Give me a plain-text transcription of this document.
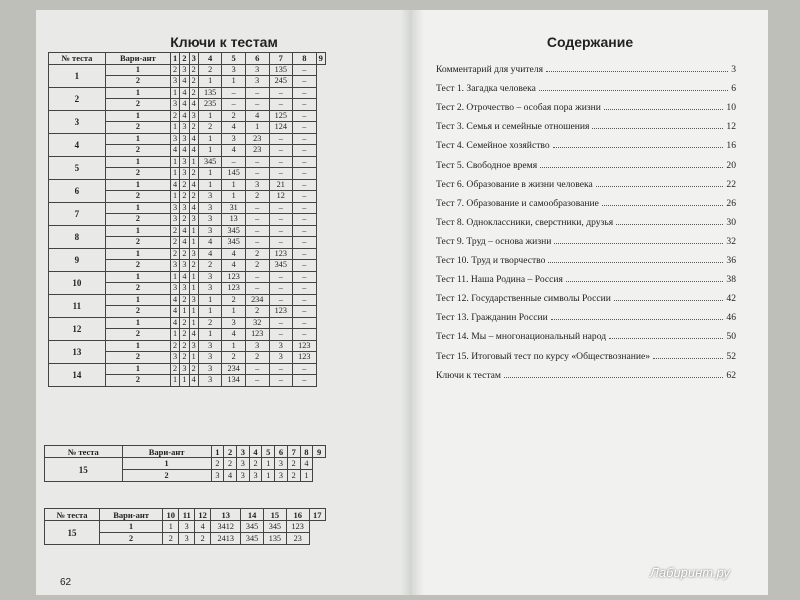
Ключи к тестам
62
Содержание
Комментарий для учителя	3
Тест 1. Загадка человека	6
Тест 2. Отрочество – особая пора жизни	10
Тест 3. Семья и семейные отношения	12
Тест 4. Семейное хозяйство	16
Тест 5. Свободное время	20
Тест 6. Образование в жизни человека	22
Тест 7. Образование и самообразование	26
Тест 8. Одноклассники, сверстники, друзья	30
Тест 9. Труд – основа жизни	32
Тест 10. Труд и творчество	36
Тест 11. Наша Родина – Россия	38
Тест 12. Государственные символы России	42
Тест 13. Гражданин России	46
Тест 14. Мы – многонациональный народ	50
Тест 15. Итоговый тест по курсу «Обществознание»	52
Ключи к тестам	62
№ теста	Вари-ант	1	2	3	4	5	6	7	8	9
1	1	2	3	2	2	3	3	135	–	
	2	3	4	2	1	1	3	245	–	
2	1	1	4	2	135	–	–	–	–	
	2	3	4	4	235	–	–	–	–	
3	1	2	4	3	1	2	4	125	–	
	2	1	3	2	2	4	1	124	–	
4	1	3	3	4	1	3	23	–	–	
	2	4	4	4	1	4	23	–	–	
5	1	1	3	1	345	–	–	–	–	
	2	1	3	2	1	145	–	–	–	
6	1	4	2	4	1	1	3	21	–	
	2	1	2	2	3	1	2	12	–	
7	1	3	3	4	3	31	–	–	–	
	2	3	2	3	3	13	–	–	–	
8	1	2	4	1	3	345	–	–	–	
	2	2	4	1	4	345	–	–	–	
9	1	2	2	3	4	4	2	123	–	
	2	3	3	2	2	4	2	345	–	
10	1	1	4	1	3	123	–	–	–	
	2	3	3	1	3	123	–	–	–	
11	1	4	2	3	1	2	234	–	–	
	2	4	1	1	1	1	2	123	–	
12	1	4	2	1	2	3	32	–	–	
	2	1	2	4	1	4	123	–	–	
13	1	2	2	3	3	1	3	3	123	
	2	3	2	1	3	2	2	3	123	
14	1	2	3	2	3	234	–	–	–	
	2	1	1	4	3	134	–	–	–	
№ теста	Вари-ант	1	2	3	4	5	6	7	8	9
15	1	2	2	3	2	1	3	2	4	
	2	3	4	3	3	1	3	2	1	
№ теста	Вари-ант	10	11	12	13	14	15	16	17
15	1	1	3	4	3412	345	345	123	
	2	2	3	2	2413	345	135	23	
Лабиринт.ру
